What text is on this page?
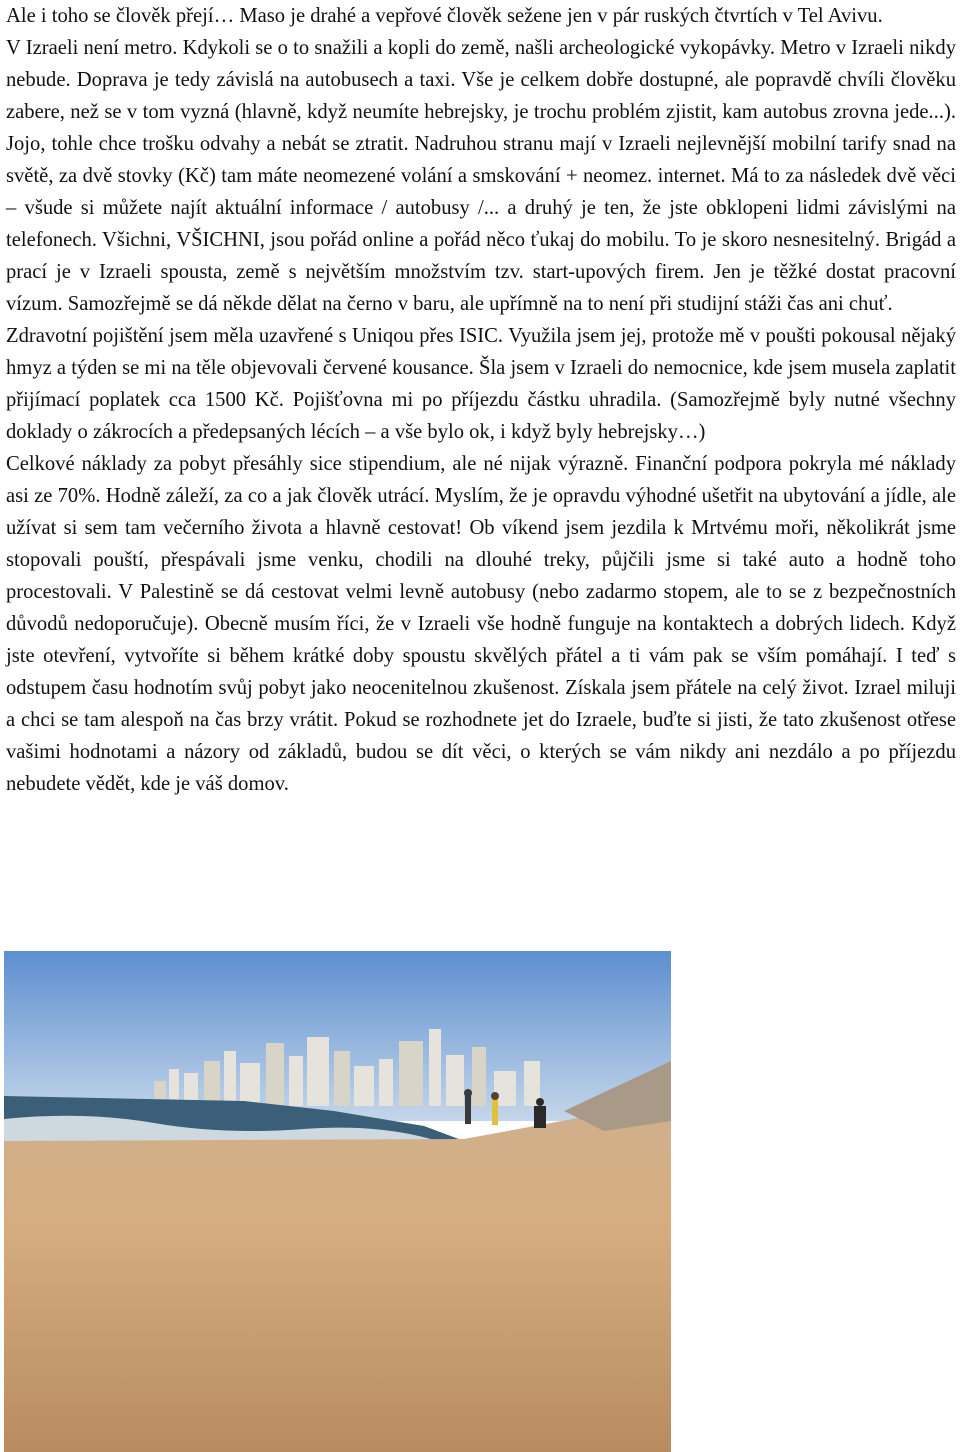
Ale i toho se člověk přejí… Maso je drahé a vepřové člověk sežene jen v pár ruských čtvrtích v Tel Avivu.

V Izraeli není metro. Kdykoli se o to snažili a kopli do země, našli archeologické vykopávky. Metro v Izraeli nikdy nebude. Doprava je tedy závislá na autobusech a taxi. Vše je celkem dobře dostupné, ale popravdě chvíli člověku zabere, než se v tom vyzná (hlavně, když neumíte hebrejsky, je trochu problém zjistit, kam autobus zrovna jede...). Jojo, tohle chce trošku odvahy a nebát se ztratit. Nadruhou stranu mají v Izraeli nejlevnější mobilní tarify snad na světě, za dvě stovky (Kč) tam máte neomezené volání a smskování + neomez. internet. Má to za následek dvě věci – všude si můžete najít aktuální informace / autobusy /... a druhý je ten, že jste obklopeni lidmi závislými na telefonech. Všichni, VŠICHNI, jsou pořád online a pořád něco ťukaj do mobilu. To je skoro nesnesitelný. Brigád a prací je v Izraeli spousta, země s největším množstvím tzv. start-upových firem. Jen je těžké dostat pracovní vízum. Samozřejmě se dá někde dělat na černo v baru, ale upřímně na to není při studijní stáži čas ani chuť.

Zdravotní pojištění jsem měla uzavřené s Uniqou přes ISIC. Využila jsem jej, protože mě v poušti pokousal nějaký hmyz a týden se mi na těle objevovali červené kousance. Šla jsem v Izraeli do nemocnice, kde jsem musela zaplatit přijímací poplatek cca 1500 Kč. Pojišťovna mi po příjezdu částku uhradila. (Samozřejmě byly nutné všechny doklady o zákrocích a předepsaných lécích – a vše bylo ok, i když byly hebrejsky…)

Celkové náklady za pobyt přesáhly sice stipendium, ale né nijak výrazně. Finanční podpora pokryla mé náklady asi ze 70%. Hodně záleží, za co a jak člověk utrácí. Myslím, že je opravdu výhodné ušetřit na ubytování a jídle, ale užívat si sem tam večerního života a hlavně cestovat! Ob víkend jsem jezdila k Mrtvému moři, několikrát jsme stopovali pouští, přespávali jsme venku, chodili na dlouhé treky, půjčili jsme si také auto a hodně toho procestovali. V Palestině se dá cestovat velmi levně autobusy (nebo zadarmo stopem, ale to se z bezpečnostních důvodů nedoporučuje). Obecně musím říci, že v Izraeli vše hodně funguje na kontaktech a dobrých lidech. Když jste otevření, vytvoříte si během krátké doby spoustu skvělých přátel a ti vám pak se vším pomáhají. I teď s odstupem času hodnotím svůj pobyt jako neocenitelnou zkušenost. Získala jsem přátele na celý život. Izrael miluji a chci se tam alespoň na čas brzy vrátit. Pokud se rozhodnete jet do Izraele, buďte si jisti, že tato zkušenost otřese vašimi hodnotami a názory od základů, budou se dít věci, o kterých se vám nikdy ani nezdálo a po příjezdu nebudete vědět, kde je váš domov.
